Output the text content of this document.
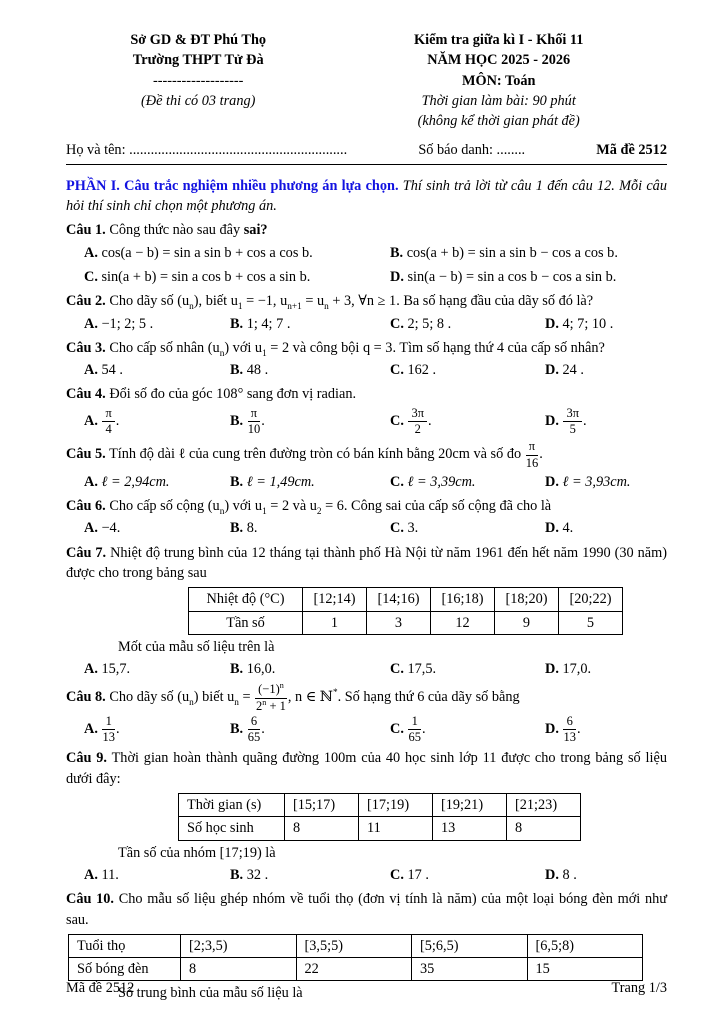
Sở GD & ĐT Phú Thọ
Trường THPT Tử Đà
-------------------
(Đề thi có 03 trang)
Kiểm tra giữa kì I - Khối 11
NĂM HỌC 2025 - 2026
MÔN: Toán
Thời gian làm bài: 90 phút
(không kể thời gian phát đề)
Họ và tên: .............................................................	Số báo danh: ........	Mã đề 2512

PHẦN I. Câu trắc nghiệm nhiều phương án lựa chọn. Thí sinh trả lời từ câu 1 đến câu 12. Mỗi câu hỏi thí sinh chỉ chọn một phương án.

Câu 1. Công thức nào sau đây sai?

A. cos(a − b) = sin a sin b + cos a cos b.	B. cos(a + b) = sin a sin b − cos a cos b.
C. sin(a + b) = sin a cos b + cos a sin b.	D. sin(a − b) = sin a cos b − cos a sin b.

Câu 2. Cho dãy số $(u_n)$, biết $u_1 = -1$, $u_{n+1} = u_n + 3$, ∀n ≥ 1. Ba số hạng đầu của dãy số đó là?

A. −1; 2; 5 .	B. 1; 4; 7 .	C. 2; 5; 8 .	D. 4; 7; 10 .

Câu 3. Cho cấp số nhân $(u_n)$ với $u_1 = 2$ và công bội q = 3. Tìm số hạng thứ 4 của cấp số nhân?

A. 54 .	B. 48 .	C. 162 .	D. 24 .

Câu 4. Đổi số đo của góc 108° sang đơn vị radian.

A. $\frac{\pi}{4}$ .	B. $\frac{\pi}{10}$ .	C. $\frac{3\pi}{2}$ .	D. $\frac{3\pi}{5}$ .

Câu 5. Tính độ dài ℓ của cung trên đường tròn có bán kính bằng 20cm và số đo $\frac{\pi}{16}$ .

A. ℓ = 2,94cm.	B. ℓ = 1,49cm.	C. ℓ = 3,39cm.	D. ℓ = 3,93cm.

Câu 6. Cho cấp số cộng $(u_n)$ với $u_1 = 2$ và $u_2 = 6$. Công sai của cấp số cộng đã cho là

A. −4.	B. 8.	C. 3.	D. 4.

Câu 7. Nhiệt độ trung bình của 12 tháng tại thành phố Hà Nội từ năm 1961 đến hết năm 1990 (30 năm) được cho trong bảng sau

Nhiệt độ (°C)	[12;14)	[14;16)	[16;18)	[18;20)	[20;22)
Tần số	1	3	12	9	5

Mốt của mẫu số liệu trên là

A. 15,7.	B. 16,0.	C. 17,5.	D. 17,0.

Câu 8. Cho dãy số $(u_n)$ biết $u_n = \frac{(-1)^n}{2^n + 1}$ , n ∈ ℕ*. Số hạng thứ 6 của dãy số bằng

A. $\frac{1}{13}$ .	B. $\frac{6}{65}$ .	C. $\frac{1}{65}$ .	D. $\frac{6}{13}$ .

Câu 9. Thời gian hoàn thành quãng đường 100m của 40 học sinh lớp 11 được cho trong bảng số liệu dưới đây:

Thời gian (s)	[15;17)	[17;19)	[19;21)	[21;23)
Số học sinh	8	11	13	8

Tần số của nhóm [17;19) là

A. 11.	B. 32 .	C. 17 .	D. 8 .

Câu 10. Cho mẫu số liệu ghép nhóm về tuổi thọ (đơn vị tính là năm) của một loại bóng đèn mới như sau.

Tuổi thọ	[2;3,5)	[3,5;5)	[5;6,5)	[6,5;8)
Số bóng đèn	8	22	35	15

Số trung bình của mẫu số liệu là

Mã đề 2512	Trang 1/3
